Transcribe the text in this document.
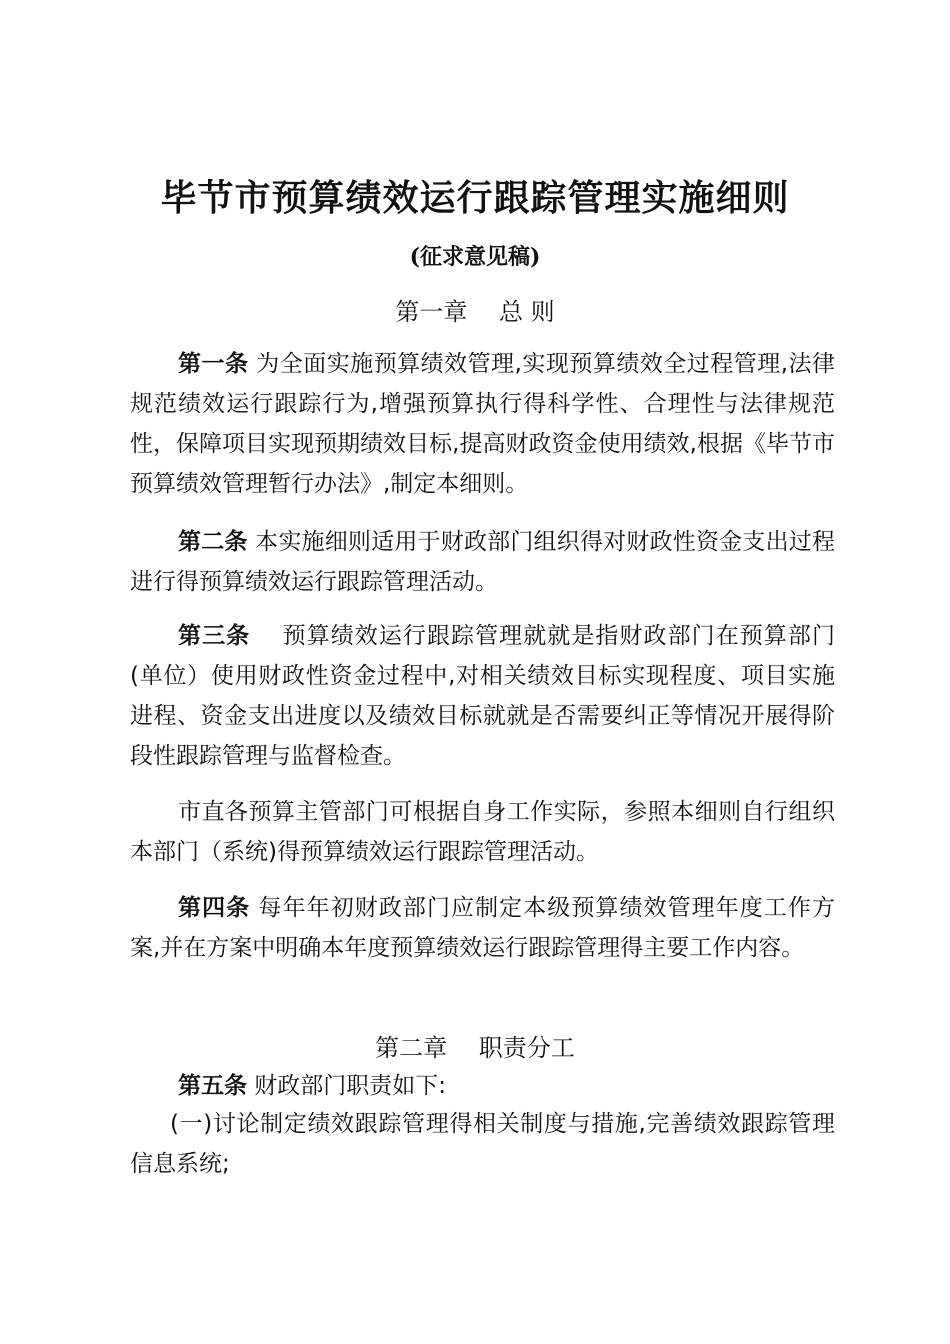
毕节市预算绩效运行跟踪管理实施细则

(征求意见稿)

第一章　 总 则

第一条 为全面实施预算绩效管理,实现预算绩效全过程管理,法律规范绩效运行跟踪行为,增强预算执行得科学性、合理性与法律规范性，保障项目实现预期绩效目标,提高财政资金使用绩效,根据《毕节市预算绩效管理暂行办法》,制定本细则。

第二条 本实施细则适用于财政部门组织得对财政性资金支出过程进行得预算绩效运行跟踪管理活动。

第三条　 预算绩效运行跟踪管理就就是指财政部门在预算部门(单位）使用财政性资金过程中,对相关绩效目标实现程度、项目实施进程、资金支出进度以及绩效目标就就是否需要纠正等情况开展得阶段性跟踪管理与监督检查。

市直各预算主管部门可根据自身工作实际，参照本细则自行组织本部门（系统)得预算绩效运行跟踪管理活动。

第四条 每年年初财政部门应制定本级预算绩效管理年度工作方案,并在方案中明确本年度预算绩效运行跟踪管理得主要工作内容。

第二章　 职责分工

第五条 财政部门职责如下:

(一)讨论制定绩效跟踪管理得相关制度与措施,完善绩效跟踪管理信息系统;
